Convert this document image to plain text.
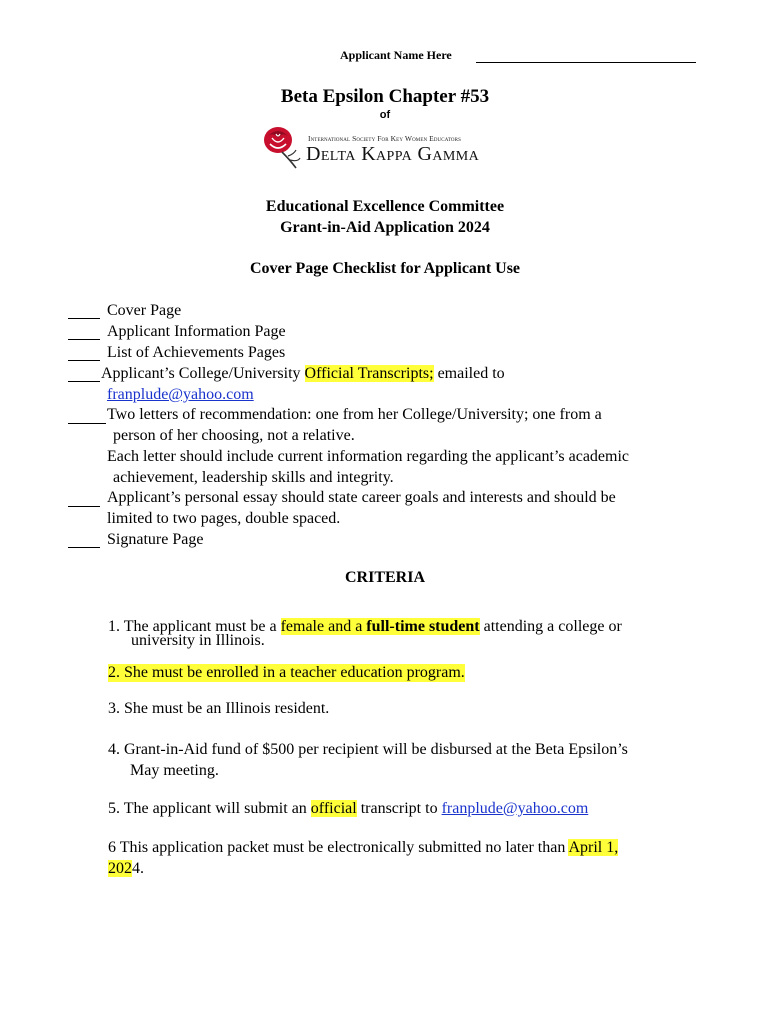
Applicant Name Here
Beta Epsilon Chapter #53
of
International Society For Key Women Educators
Delta Kappa Gamma
Educational Excellence Committee
Grant-in-Aid Application 2024
Cover Page Checklist for Applicant Use
Cover Page
Applicant Information Page
List of Achievements Pages
Applicant’s College/University Official Transcripts; emailed to
franplude@yahoo.com
Two letters of recommendation: one from her College/University; one from a
person of her choosing, not a relative.
Each letter should include current information regarding the applicant’s academic
achievement, leadership skills and integrity.
Applicant’s personal essay should state career goals and interests and should be
limited to two pages, double spaced.
Signature Page
CRITERIA
1. The applicant must be a female and a full-time student attending a college or
university in Illinois.
2. She must be enrolled in a teacher education program.
3. She must be an Illinois resident.
4. Grant-in-Aid fund of $500 per recipient will be disbursed at the Beta Epsilon’s
May meeting.
5. The applicant will submit an official transcript to franplude@yahoo.com
6 This application packet must be electronically submitted no later than April 1,
2024.
